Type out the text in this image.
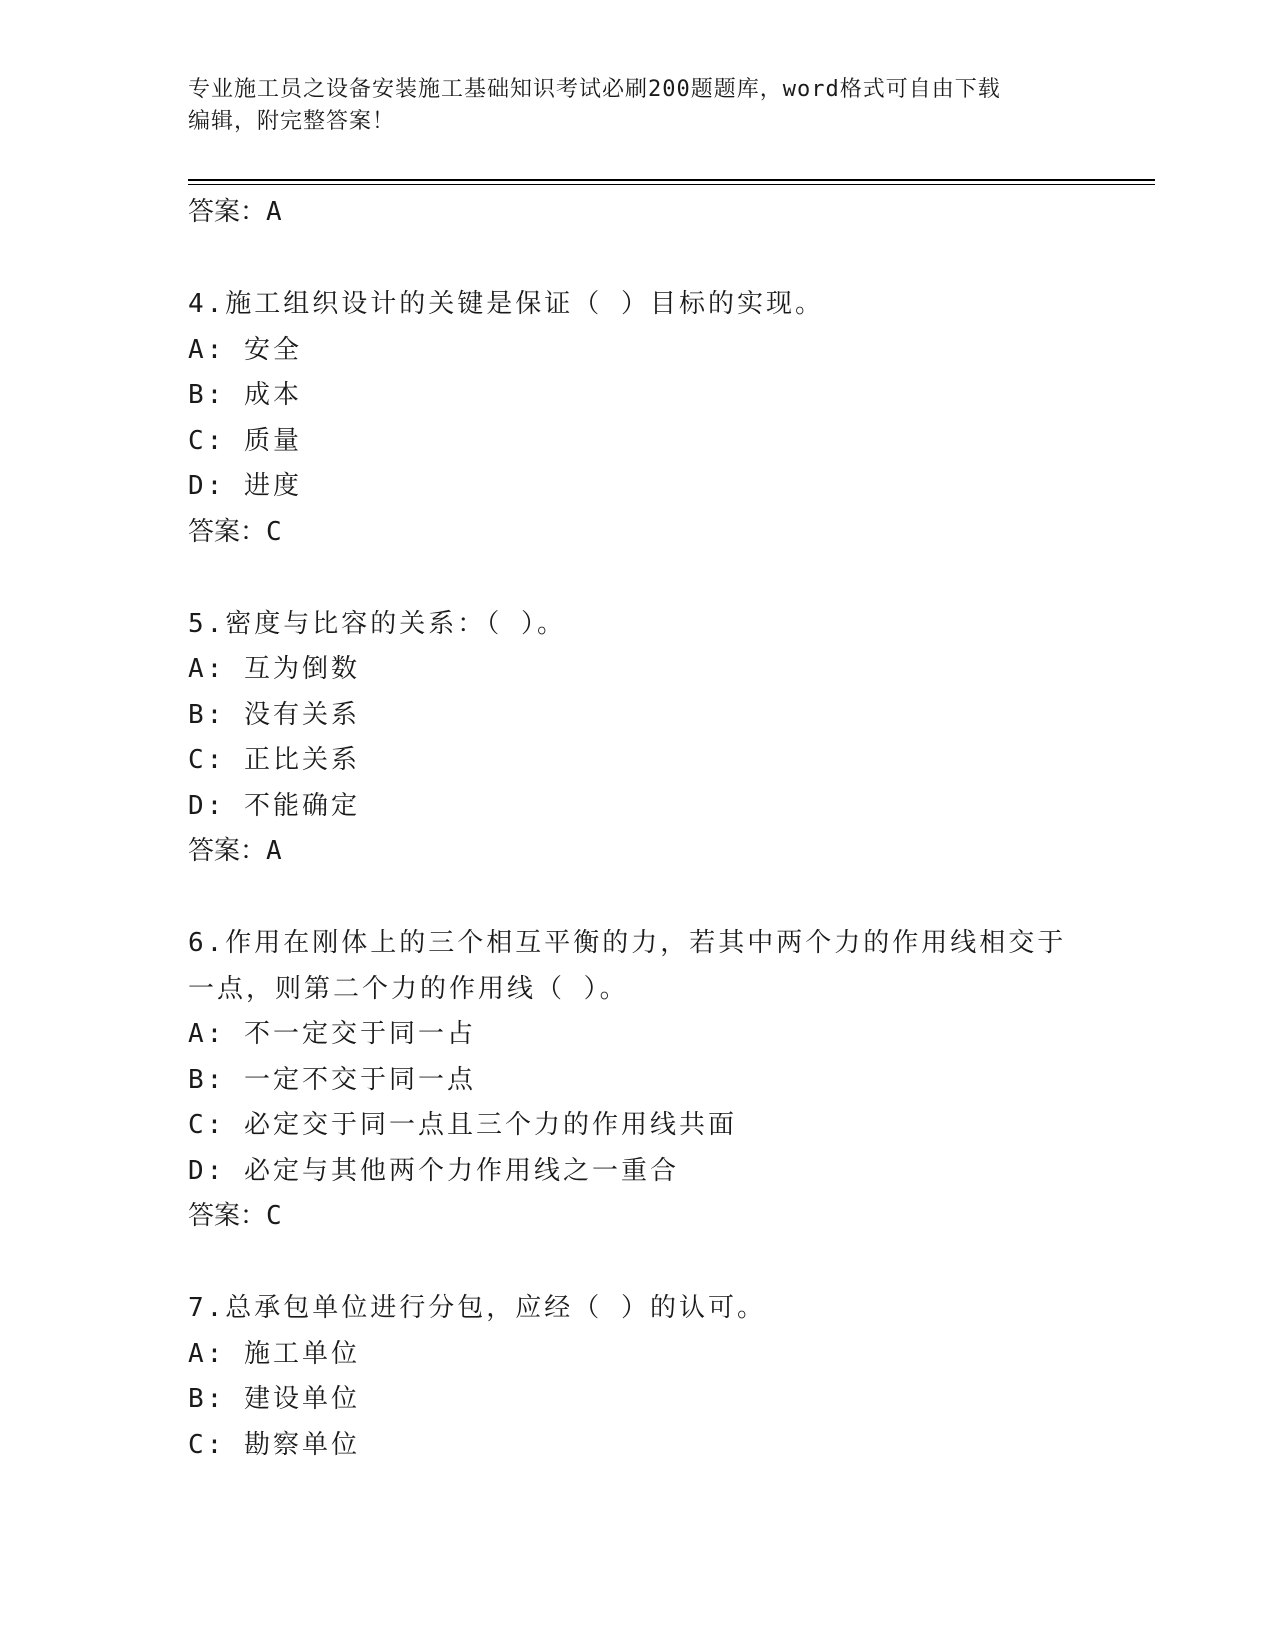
专业施工员之设备安装施工基础知识考试必刷200题题库，word格式可自由下载
编辑，附完整答案！
答案：A
4.施工组织设计的关键是保证（ ）目标的实现。
A: 安全
B: 成本
C: 质量
D: 进度
答案：C
5.密度与比容的关系：（ ）。
A: 互为倒数
B: 没有关系
C: 正比关系
D: 不能确定
答案：A
6.作用在刚体上的三个相互平衡的力，若其中两个力的作用线相交于
一点，则第二个力的作用线（ ）。
A: 不一定交于同一占
B: 一定不交于同一点
C: 必定交于同一点且三个力的作用线共面
D: 必定与其他两个力作用线之一重合
答案：C
7.总承包单位进行分包，应经（ ）的认可。
A: 施工单位
B: 建设单位
C: 勘察单位
